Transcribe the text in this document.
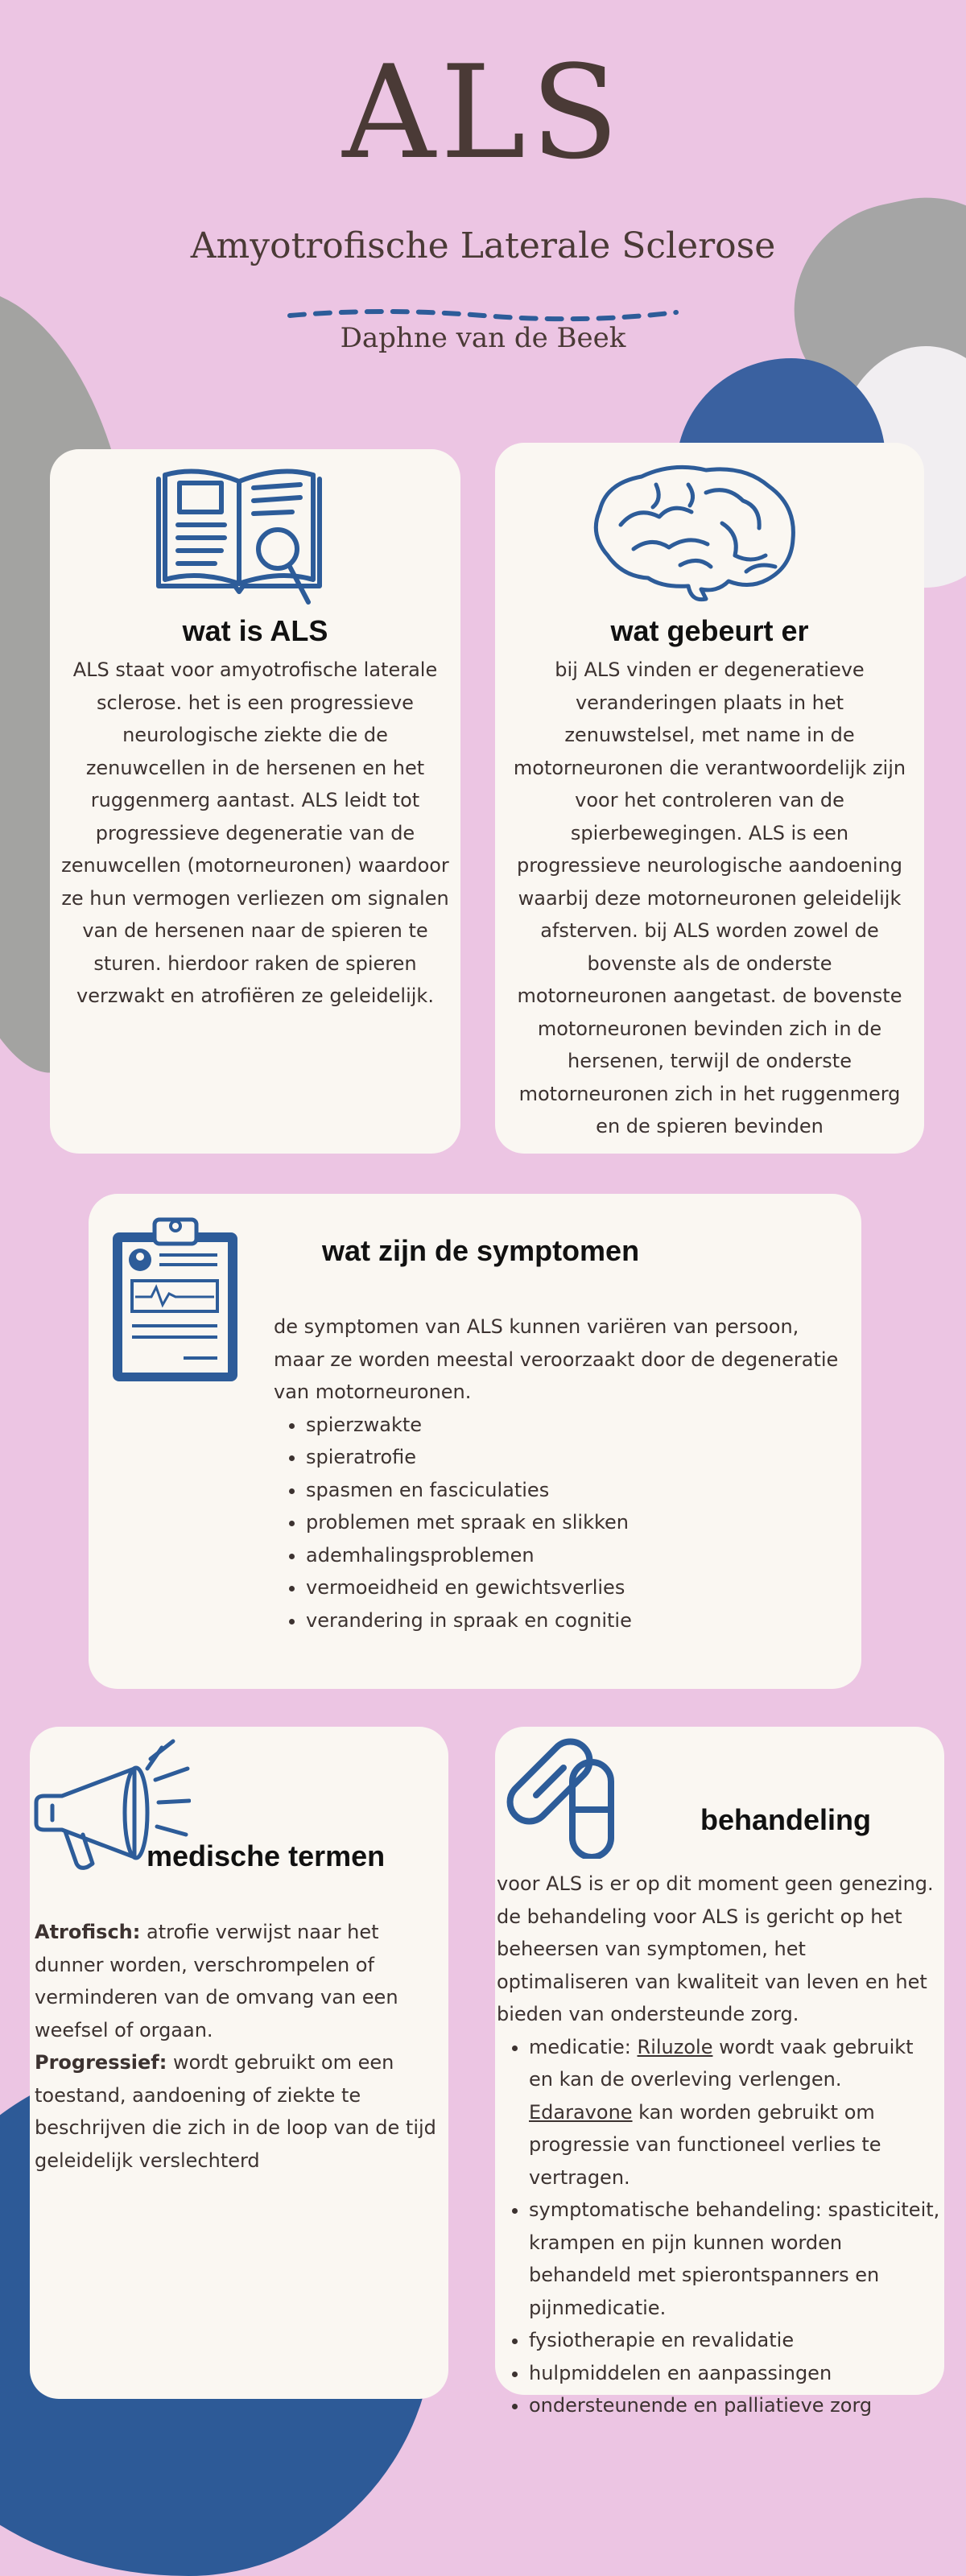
ALS
Amyotrofische Laterale Sclerose
Daphne van de Beek
wat is ALS
ALS staat voor amyotrofische laterale sclerose. het is een progressieve neurologische ziekte die de zenuwcellen in de hersenen en het ruggenmerg aantast. ALS leidt tot progressieve degeneratie van de zenuwcellen (motorneuronen) waardoor ze hun vermogen verliezen om signalen van de hersenen naar de spieren te sturen. hierdoor raken de spieren verzwakt en atrofiëren ze geleidelijk.
wat gebeurt er
bij ALS vinden er degeneratieve veranderingen plaats in het zenuwstelsel, met name in de motorneuronen die verantwoordelijk zijn voor het controleren van de spierbewegingen. ALS is een progressieve neurologische aandoening waarbij deze motorneuronen geleidelijk afsterven. bij ALS worden zowel de bovenste als de onderste motorneuronen aangetast. de bovenste motorneuronen bevinden zich in de hersenen, terwijl de onderste motorneuronen zich in het ruggenmerg en de spieren bevinden
wat zijn de symptomen
de symptomen van ALS kunnen variëren van persoon, maar ze worden meestal veroorzaakt door de degeneratie van motorneuronen.
• spierzwakte
• spieratrofie
• spasmen en fasciculaties
• problemen met spraak en slikken
• ademhalingsproblemen
• vermoeidheid en gewichtsverlies
• verandering in spraak en cognitie
medische termen
Atrofisch: atrofie verwijst naar het dunner worden, verschrompelen of verminderen van de omvang van een weefsel of orgaan.
Progressief: wordt gebruikt om een toestand, aandoening of ziekte te beschrijven die zich in de loop van de tijd geleidelijk verslechterd
behandeling
voor ALS is er op dit moment geen genezing. de behandeling voor ALS is gericht op het beheersen van symptomen, het optimaliseren van kwaliteit van leven en het bieden van ondersteunde zorg.
• medicatie: Riluzole wordt vaak gebruikt en kan de overleving verlengen. Edaravone kan worden gebruikt om progressie van functioneel verlies te vertragen.
• symptomatische behandeling: spasticiteit, krampen en pijn kunnen worden behandeld met spierontspanners en pijnmedicatie.
• fysiotherapie en revalidatie
• hulpmiddelen en aanpassingen
• ondersteunende en palliatieve zorg
